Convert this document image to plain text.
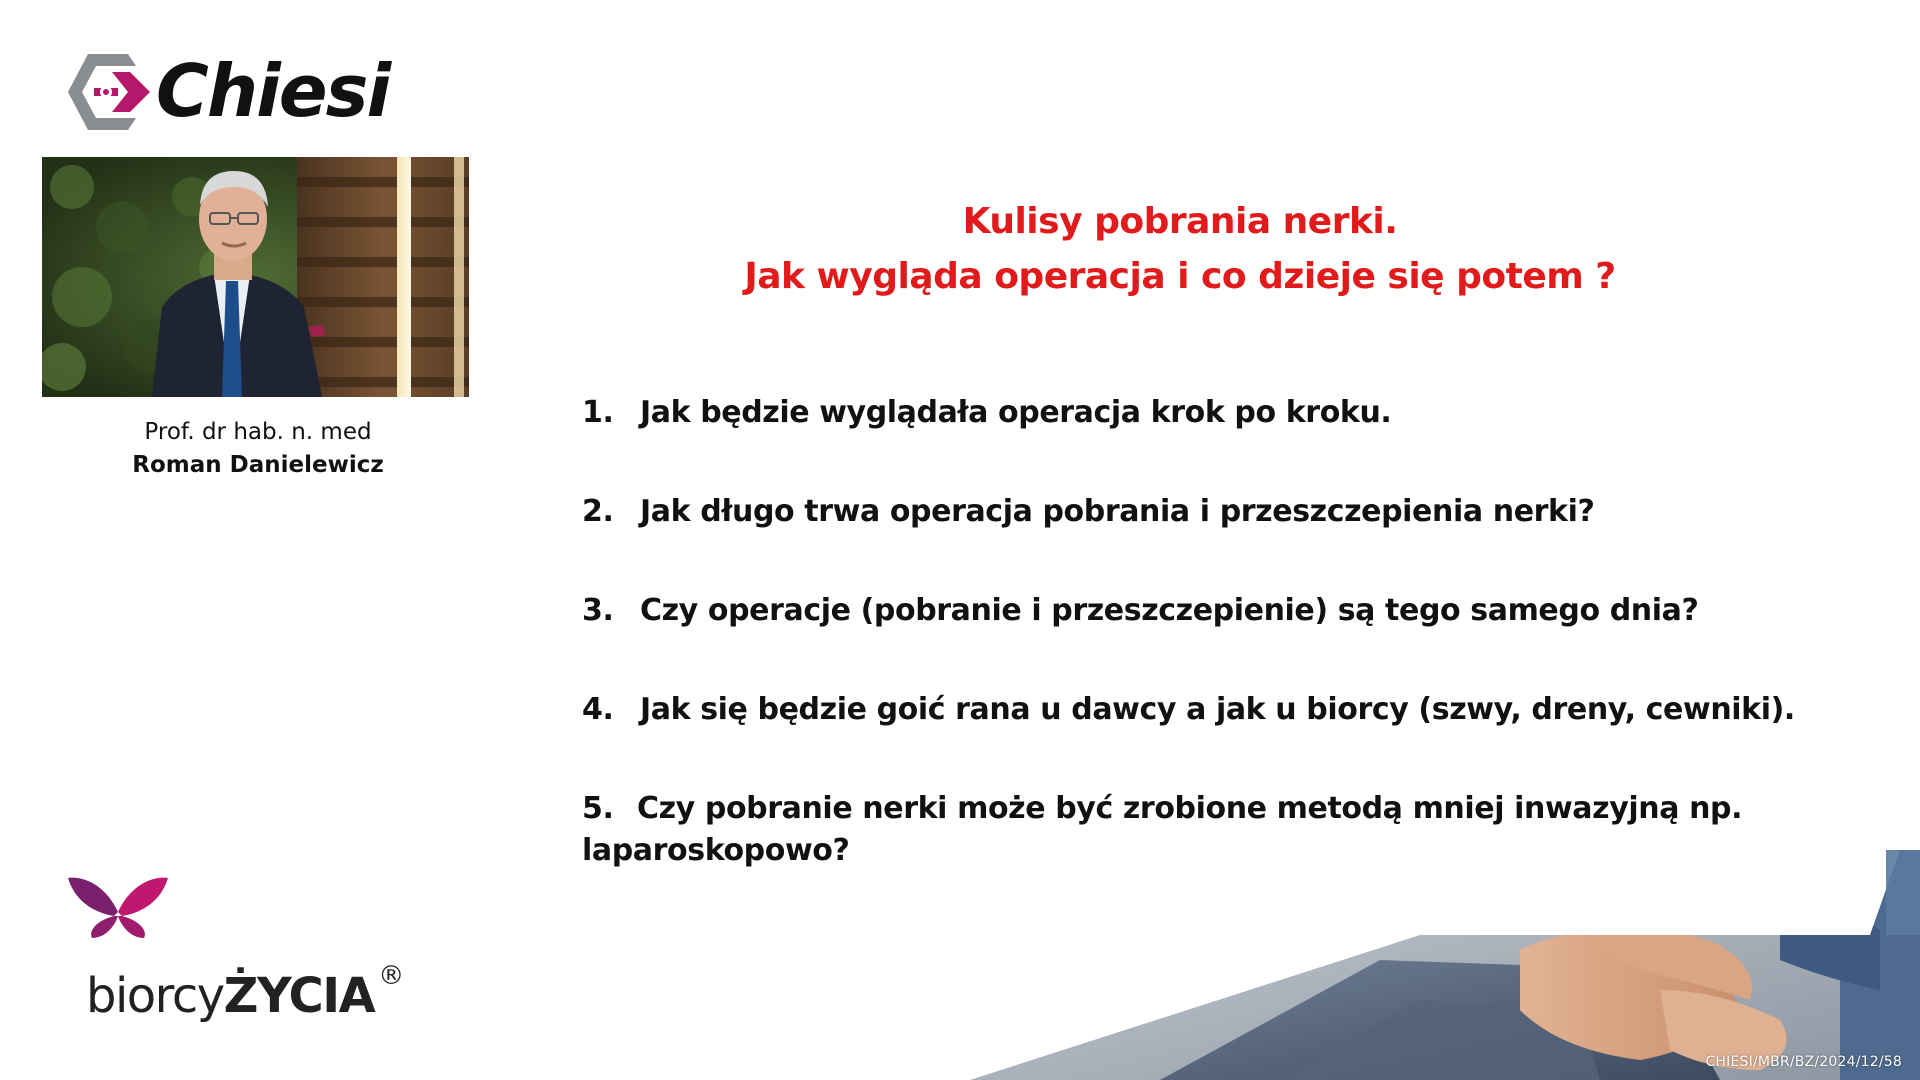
Chiesi
Prof. dr hab. n. med
Roman Danielewicz
Kulisy pobrania nerki.
Jak wygląda operacja i co dzieje się potem ?
1. Jak będzie wyglądała operacja krok po kroku.
2. Jak długo trwa operacja pobrania i przeszczepienia nerki?
3. Czy operacje (pobranie i przeszczepienie) są tego samego dnia?
4. Jak się będzie goić rana u dawcy a jak u biorcy (szwy, dreny, cewniki).
5. Czy pobranie nerki może być zrobione metodą mniej inwazyjną np.
laparoskopowo?
biorcyŻYCIA ®
CHIESI/MBR/BZ/2024/12/58
